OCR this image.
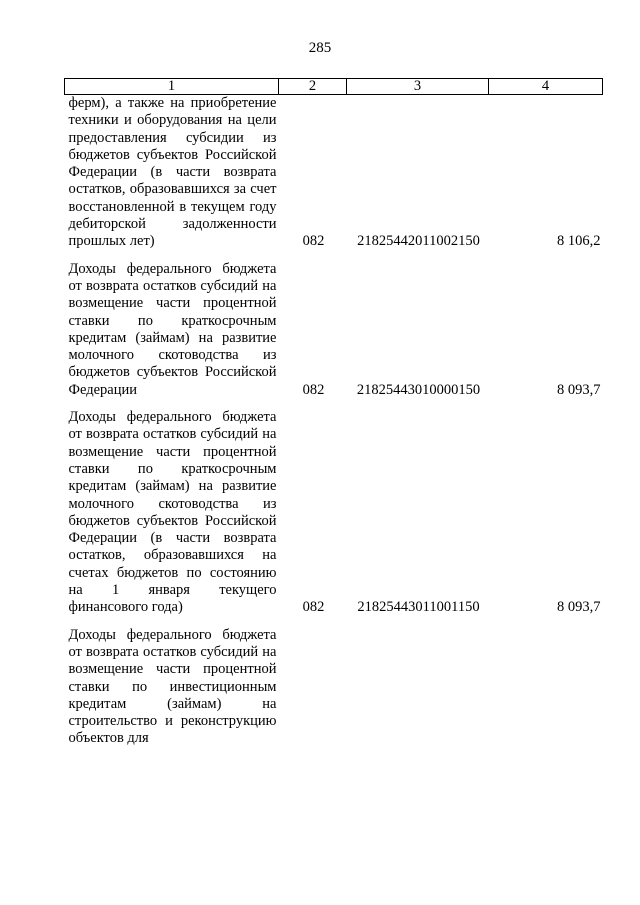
285
1	2	3	4
ферм), а также на приобретение техники и оборудования на цели предоставления субсидии из бюджетов субъектов Российской Федерации (в части возврата остатков, образовавшихся за счет восстановленной в текущем году дебиторской задолженности прошлых лет)	082	21825442011002150	8 106,2
Доходы федерального бюджета от возврата остатков субсидий на возмещение части процентной ставки по краткосрочным кредитам (займам) на развитие молочного скотоводства из бюджетов субъектов Российской Федерации	082	21825443010000150	8 093,7
Доходы федерального бюджета от возврата остатков субсидий на возмещение части процентной ставки по краткосрочным кредитам (займам) на развитие молочного скотоводства из бюджетов субъектов Российской Федерации (в части возврата остатков, образовавшихся на счетах бюджетов по состоянию на 1 января текущего финансового года)	082	21825443011001150	8 093,7
Доходы федерального бюджета от возврата остатков субсидий на возмещение части процентной ставки по инвестиционным кредитам (займам) на строительство и реконструкцию объектов для			
